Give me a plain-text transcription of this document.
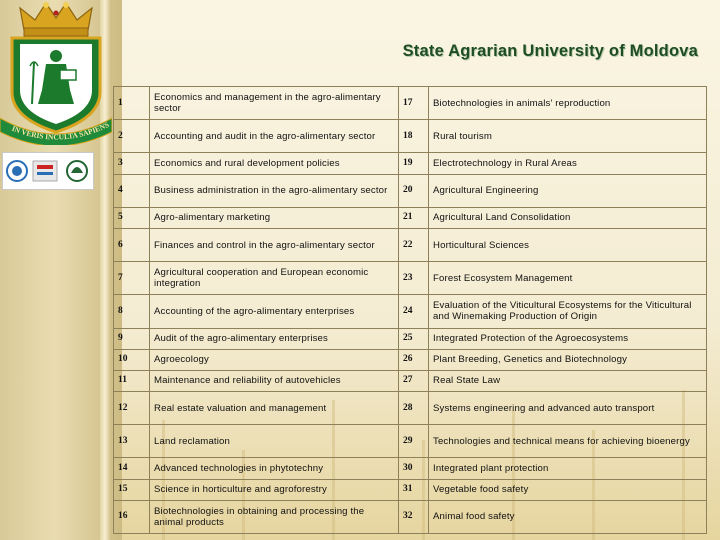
IN VERIS INCULTA SAPIENS
State Agrarian University of Moldova
1	Economics and management in the agro-alimentary sector	17	Biotechnologies in animals' reproduction
2	Accounting and audit in the agro-alimentary sector	18	Rural tourism
3	Economics and rural development policies	19	Electrotechnology in Rural Areas
4	Business administration in the agro-alimentary sector	20	Agricultural Engineering
5	Agro-alimentary marketing	21	Agricultural Land Consolidation
6	Finances and control in the agro-alimentary sector	22	Horticultural Sciences
7	Agricultural cooperation and European economic integration	23	Forest Ecosystem Management
8	Accounting of the agro-alimentary enterprises	24	Evaluation of the Viticultural Ecosystems for the Viticultural and Winemaking Production of Origin
9	Audit of the agro-alimentary enterprises	25	Integrated Protection of the Agroecosystems
10	Agroecology	26	Plant Breeding, Genetics and Biotechnology
11	Maintenance and reliability of autovehicles	27	Real State Law
12	Real estate valuation and management	28	Systems engineering and advanced auto transport
13	Land reclamation	29	Technologies and technical means for achieving bioenergy
14	Advanced technologies in phytotechny	30	Integrated plant protection
15	Science in horticulture and agroforestry	31	Vegetable food safety
16	Biotechnologies in obtaining and processing the animal products	32	Animal food safety
